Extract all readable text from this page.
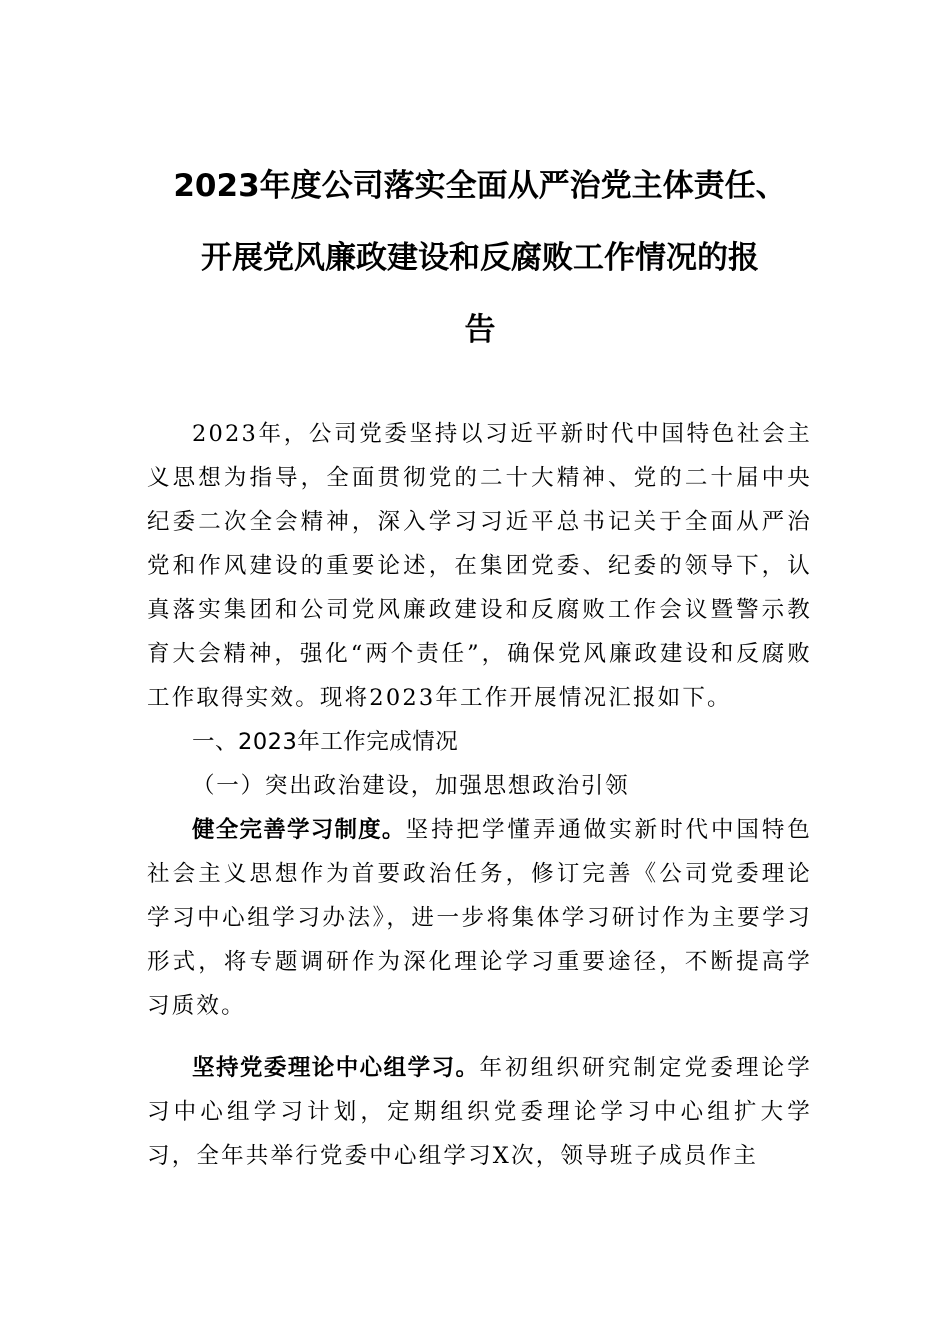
2023年度公司落实全面从严治党主体责任、
开展党风廉政建设和反腐败工作情况的报
告

2023年，公司党委坚持以习近平新时代中国特色社会主义思想为指导，全面贯彻党的二十大精神、党的二十届中央纪委二次全会精神，深入学习习近平总书记关于全面从严治党和作风建设的重要论述，在集团党委、纪委的领导下，认真落实集团和公司党风廉政建设和反腐败工作会议暨警示教育大会精神，强化“两个责任”，确保党风廉政建设和反腐败工作取得实效。现将2023年工作开展情况汇报如下。

一、2023年工作完成情况

（一）突出政治建设，加强思想政治引领

健全完善学习制度。坚持把学懂弄通做实新时代中国特色社会主义思想作为首要政治任务，修订完善《公司党委理论学习中心组学习办法》，进一步将集体学习研讨作为主要学习形式，将专题调研作为深化理论学习重要途径，不断提高学习质效。

坚持党委理论中心组学习。年初组织研究制定党委理论学习中心组学习计划，定期组织党委理论学习中心组扩大学习，全年共举行党委中心组学习X次，领导班子成员作主
